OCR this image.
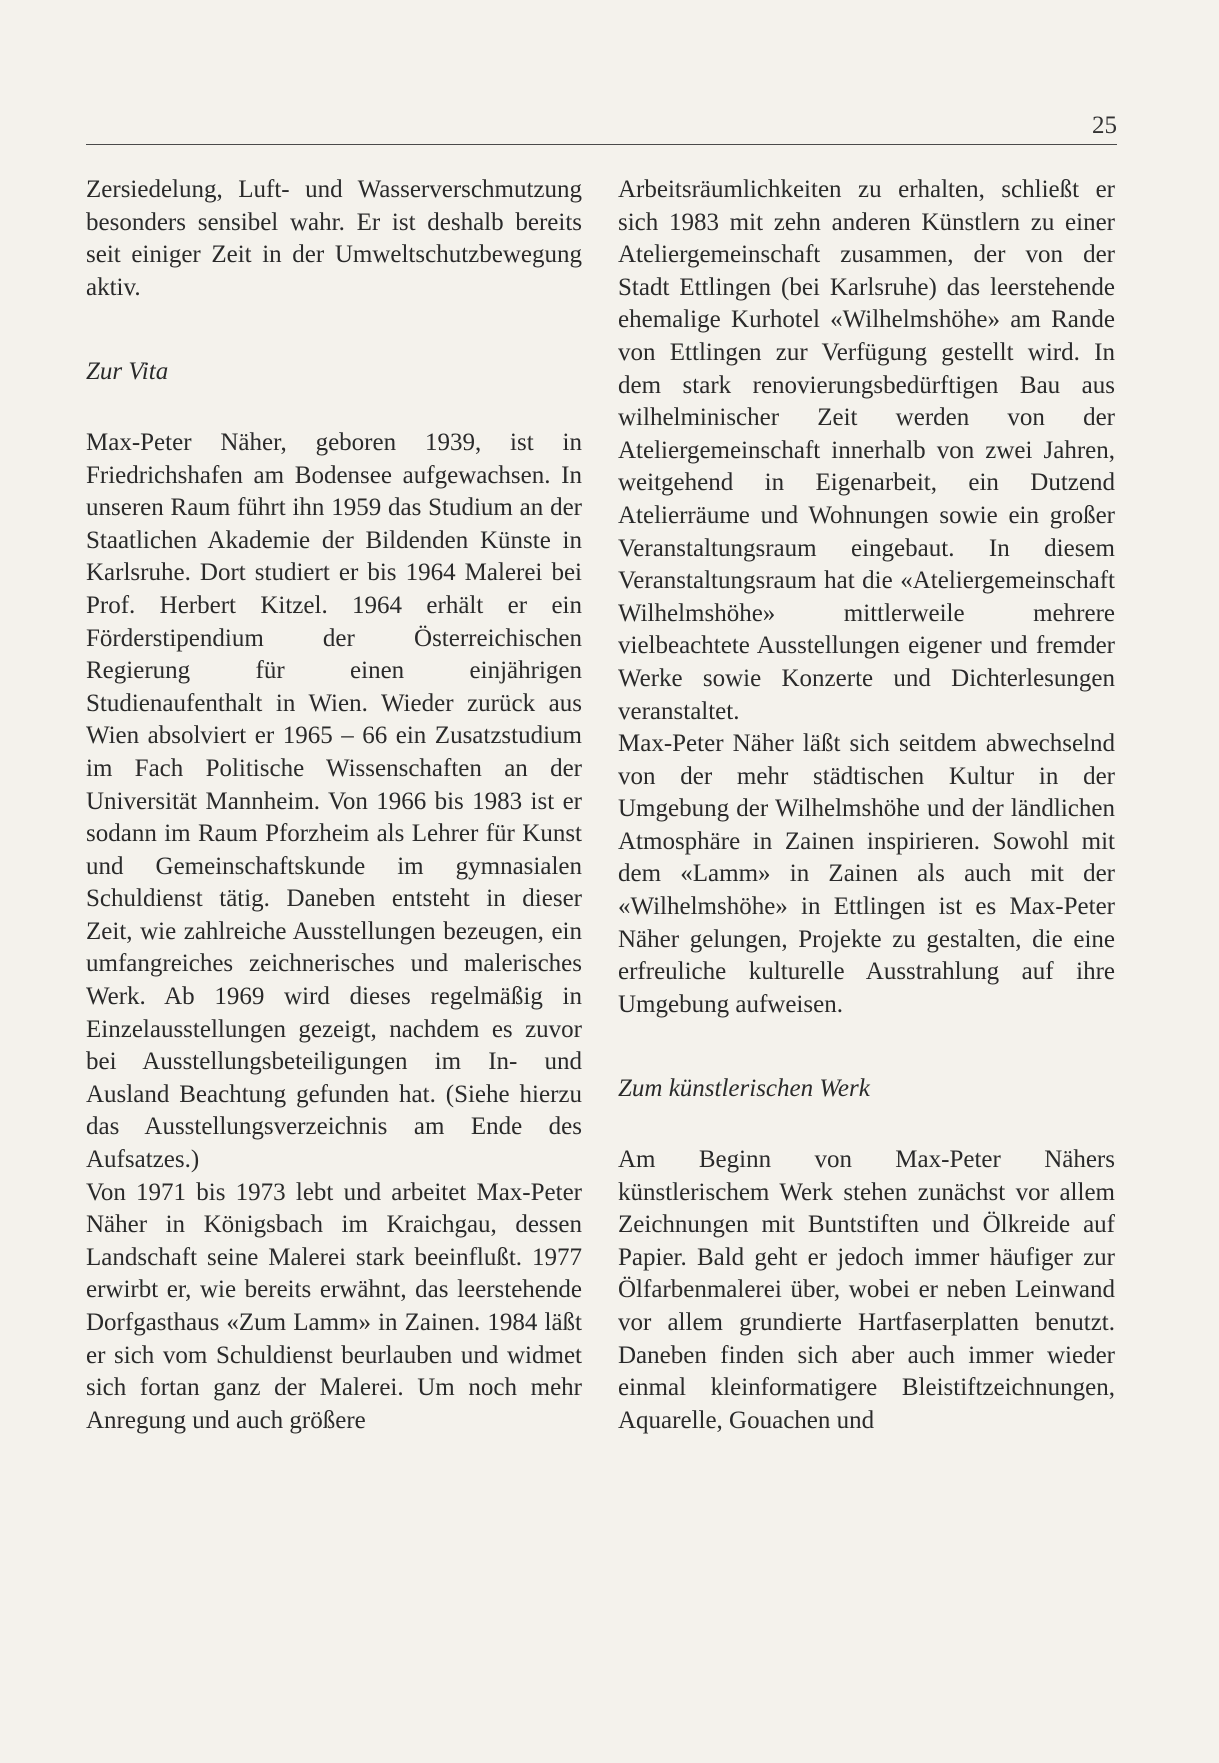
25

Zersiedelung, Luft- und Wasserverschmutzung besonders sensibel wahr. Er ist deshalb bereits seit einiger Zeit in der Umweltschutzbewegung aktiv.

Zur Vita

Max-Peter Näher, geboren 1939, ist in Friedrichshafen am Bodensee aufgewachsen. In unseren Raum führt ihn 1959 das Studium an der Staatlichen Akademie der Bildenden Künste in Karlsruhe. Dort studiert er bis 1964 Malerei bei Prof. Herbert Kitzel. 1964 erhält er ein Förderstipendium der Österreichischen Regierung für einen einjährigen Studienaufenthalt in Wien. Wieder zurück aus Wien absolviert er 1965 – 66 ein Zusatzstudium im Fach Politische Wissenschaften an der Universität Mannheim. Von 1966 bis 1983 ist er sodann im Raum Pforzheim als Lehrer für Kunst und Gemeinschaftskunde im gymnasialen Schuldienst tätig. Daneben entsteht in dieser Zeit, wie zahlreiche Ausstellungen bezeugen, ein umfangreiches zeichnerisches und malerisches Werk. Ab 1969 wird dieses regelmäßig in Einzelausstellungen gezeigt, nachdem es zuvor bei Ausstellungsbeteiligungen im In- und Ausland Beachtung gefunden hat. (Siehe hierzu das Ausstellungsverzeichnis am Ende des Aufsatzes.)

Von 1971 bis 1973 lebt und arbeitet Max-Peter Näher in Königsbach im Kraichgau, dessen Landschaft seine Malerei stark beeinflußt. 1977 erwirbt er, wie bereits erwähnt, das leerstehende Dorfgasthaus «Zum Lamm» in Zainen. 1984 läßt er sich vom Schuldienst beurlauben und widmet sich fortan ganz der Malerei. Um noch mehr Anregung und auch größere

Arbeitsräumlichkeiten zu erhalten, schließt er sich 1983 mit zehn anderen Künstlern zu einer Ateliergemeinschaft zusammen, der von der Stadt Ettlingen (bei Karlsruhe) das leerstehende ehemalige Kurhotel «Wilhelmshöhe» am Rande von Ettlingen zur Verfügung gestellt wird. In dem stark renovierungsbedürftigen Bau aus wilhelminischer Zeit werden von der Ateliergemeinschaft innerhalb von zwei Jahren, weitgehend in Eigenarbeit, ein Dutzend Atelierräume und Wohnungen sowie ein großer Veranstaltungsraum eingebaut. In diesem Veranstaltungsraum hat die «Ateliergemeinschaft Wilhelmshöhe» mittlerweile mehrere vielbeachtete Ausstellungen eigener und fremder Werke sowie Konzerte und Dichterlesungen veranstaltet.

Max-Peter Näher läßt sich seitdem abwechselnd von der mehr städtischen Kultur in der Umgebung der Wilhelmshöhe und der ländlichen Atmosphäre in Zainen inspirieren. Sowohl mit dem «Lamm» in Zainen als auch mit der «Wilhelmshöhe» in Ettlingen ist es Max-Peter Näher gelungen, Projekte zu gestalten, die eine erfreuliche kulturelle Ausstrahlung auf ihre Umgebung aufweisen.

Zum künstlerischen Werk

Am Beginn von Max-Peter Nähers künstlerischem Werk stehen zunächst vor allem Zeichnungen mit Buntstiften und Ölkreide auf Papier. Bald geht er jedoch immer häufiger zur Ölfarbenmalerei über, wobei er neben Leinwand vor allem grundierte Hartfaserplatten benutzt. Daneben finden sich aber auch immer wieder einmal kleinformatigere Bleistiftzeichnungen, Aquarelle, Gouachen und
